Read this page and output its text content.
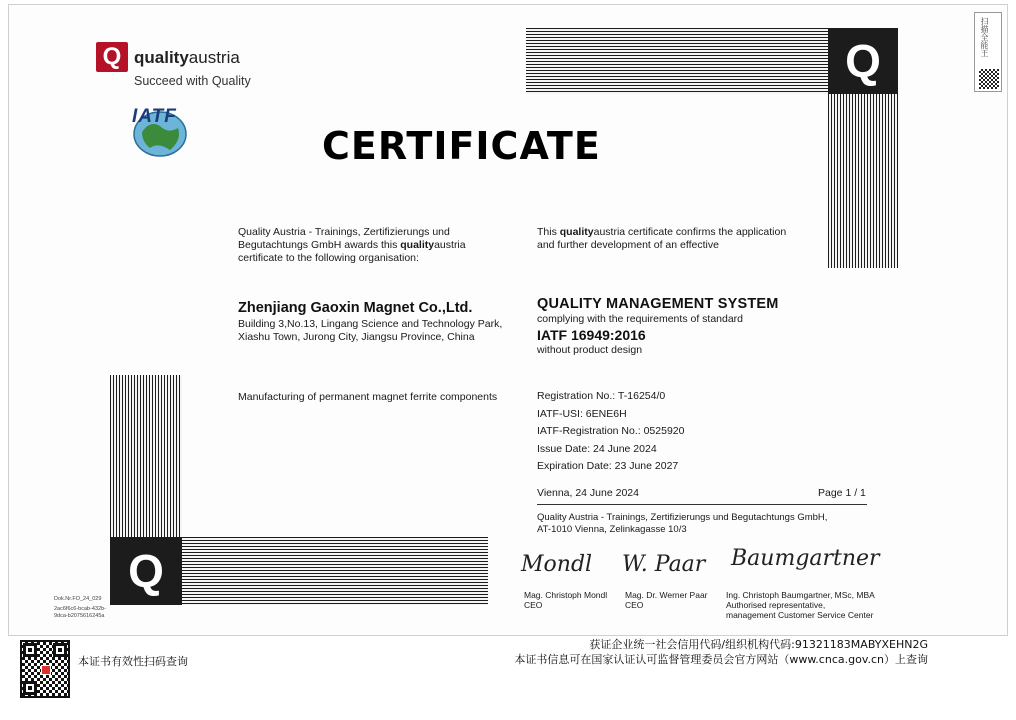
Q qualityaustria
Succeed with Quality
IATF
CERTIFICATE
Q
Q
扫描全能王
Quality Austria - Trainings, Zertifizierungs und
Begutachtungs GmbH awards this qualityaustria
certificate to the following organisation:
This qualityaustria certificate confirms the application
and further development of an effective
Zhenjiang Gaoxin Magnet Co.,Ltd.
Building 3,No.13, Lingang Science and Technology Park,
Xiashu Town, Jurong City, Jiangsu Province, China
QUALITY MANAGEMENT SYSTEM
complying with the requirements of standard
IATF 16949:2016
without product design
Manufacturing of permanent magnet ferrite components	Registration No.: T-16254/0
IATF-USI: 6ENE6H
IATF-Registration No.: 0525920
Issue Date: 24 June 2024
Expiration Date: 23 June 2027
Vienna, 24 June 2024	Page 1 / 1
Quality Austria - Trainings, Zertifizierungs und Begutachtungs GmbH,
AT-1010 Vienna, Zelinkagasse 10/3
Mondl W. Paar Baumgartner
Mag. Christoph Mondl
CEO
Mag. Dr. Werner Paar
CEO
Ing. Christoph Baumgartner, MSc, MBA
Authorised representative,
management Customer Service Center
Dok.Nr.FO_24_029
2ac6f6c6-bcab-432b-
9dca-b2075616245a
获证企业统一社会信用代码/组织机构代码:91321183MABYXEHN2G
本证书有效性扫码查询	本证书信息可在国家认证认可监督管理委员会官方网站（www.cnca.gov.cn）上查询
